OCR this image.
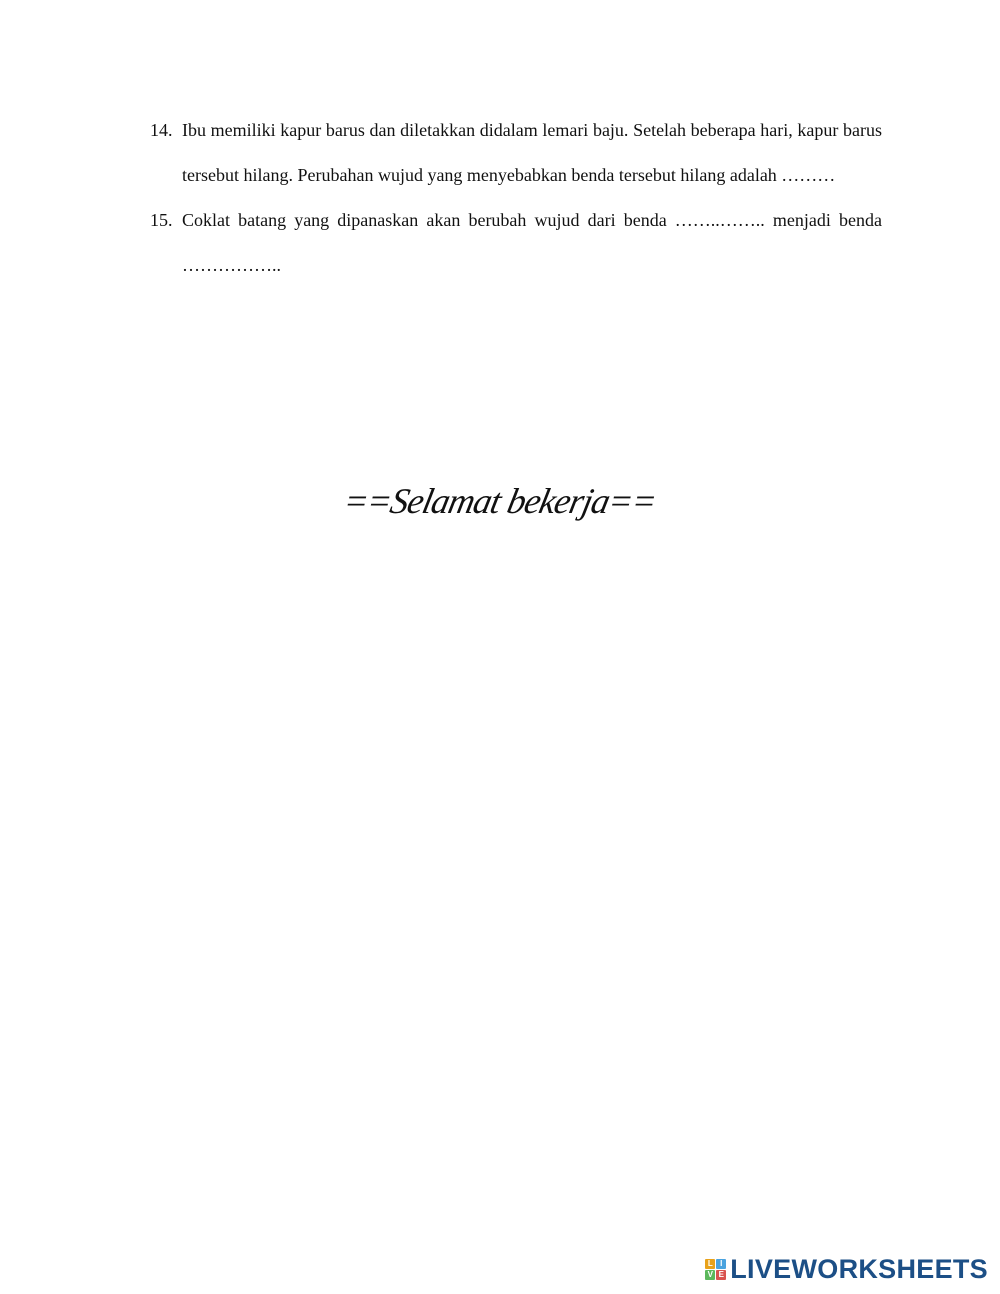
14. Ibu memiliki kapur barus dan diletakkan didalam lemari baju. Setelah beberapa hari, kapur barus tersebut hilang. Perubahan wujud yang menyebabkan benda tersebut hilang adalah ………
15. Coklat batang yang dipanaskan akan berubah wujud dari benda ……..…….. menjadi benda ……………..
==Selamat bekerja==
L I
V E LIVEWORKSHEETS
